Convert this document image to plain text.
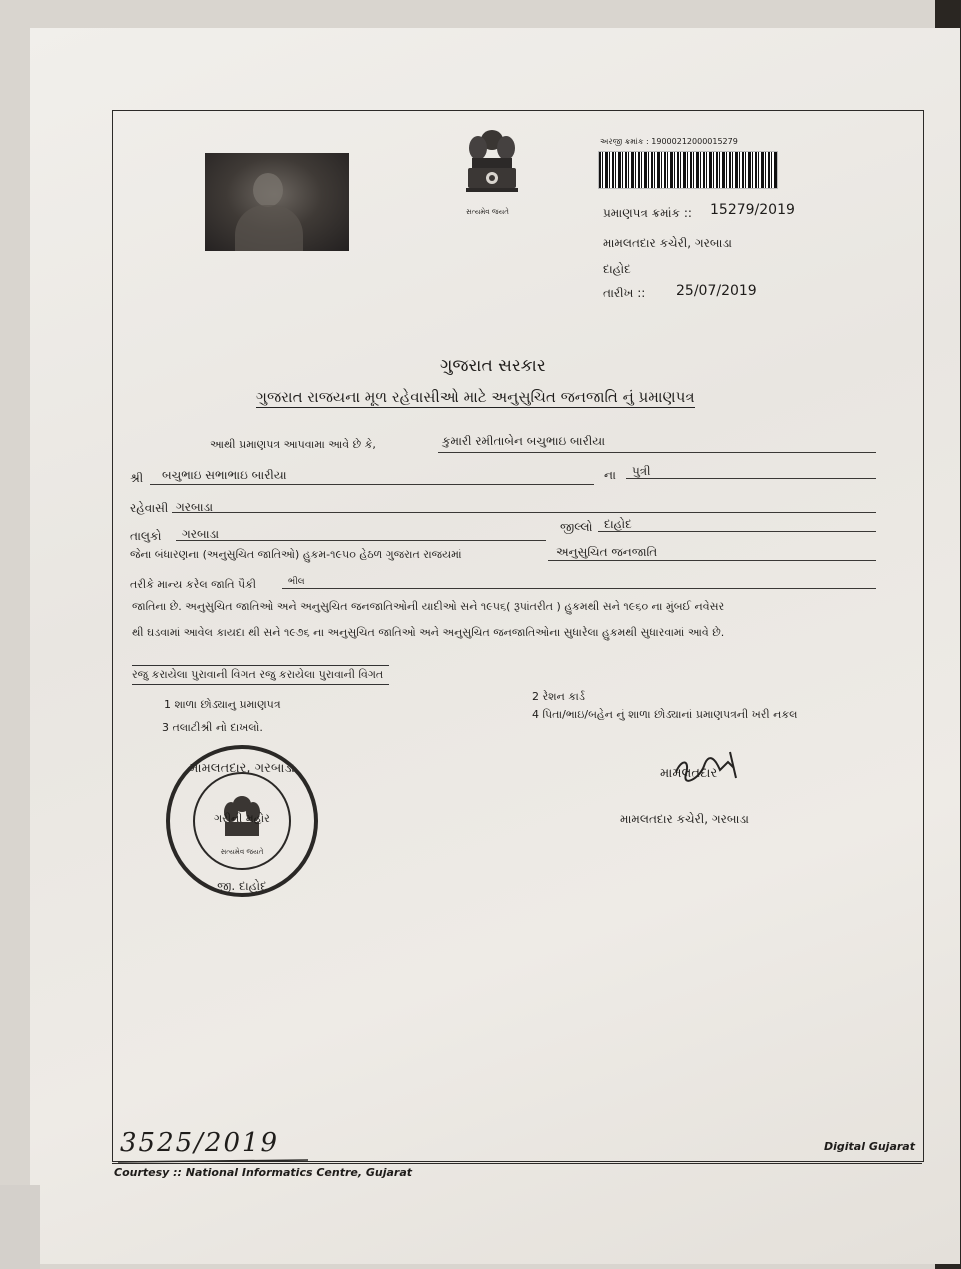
સત્યમેવ જયતે
અરજી ક્રમાંક : 19000212000015279
પ્રમાણપત્ર ક્રમાંક :: 15279/2019
મામલતદાર કચેરી, ગરબાડા
દાહોદ
તારીખ :: 25/07/2019
ગુજરાત સરકાર
ગુજરાત રાજયના મૂળ રહેવાસીઓ માટે અનુસુચિત જનજાતિ નું પ્રમાણપત્ર
આથી પ્રમાણપત્ર આપવામા આવે છે કે,	કુમારી રમીતાબેન બચુભાઇ બારીયા
શ્રી બચુભાઇ સભાભાઇ બારીયા	ના પુત્રી
રહેવાસી ગરબાડા
તાલુકો ગરબાડા	જીલ્લો દાહોદ
જેના બંધારણના (અનુસુચિત જાતિઓ) હુકમ-૧૯૫૦ હેઠળ ગુજરાત રાજયમાં	અનુસુચિત જનજાતિ
તરીકે માન્ય કરેલ જાતિ પૈકી	ભીલ
જાતિના છે. અનુસુચિત જાતિઓ અને અનુસુચિત જનજાતિઓની યાદીઓ સને ૧૯૫૬( રૂપાંતરીત ) હુકમથી સને ૧૯૬૦ ના મુંબઈ નવેસર
થી ઘડવામાં આવેલ કાયદા થી સને ૧૯૭૬ ના અનુસુચિત જાતિઓ અને અનુસુચિત જનજાતિઓના સુધારેલા હુકમથી સુધારવામાં આવે છે.
રજુ કરાયેલા પુરાવાની વિગત રજુ કરાયેલા પુરાવાની વિગત
1 શાળા છોડ્યાનુ પ્રમાણપત્ર
2 રેશન કાર્ડ
3 તલાટીશ્રી નો દાખલો.
4 પિતા/ભાઇ/બહેન નું શાળા છોડ્યાનાં પ્રમાણપત્રની ખરી નકલ
મામલતદાર, ગરબાડા
જી. દાહોદ
ગરીની મહોર
સત્યમેવ જયતે
મામલતદાર
મામલતદાર કચેરી, ગરબાડા
3525/2019	Digital Gujarat
Courtesy :: National Informatics Centre, Gujarat
